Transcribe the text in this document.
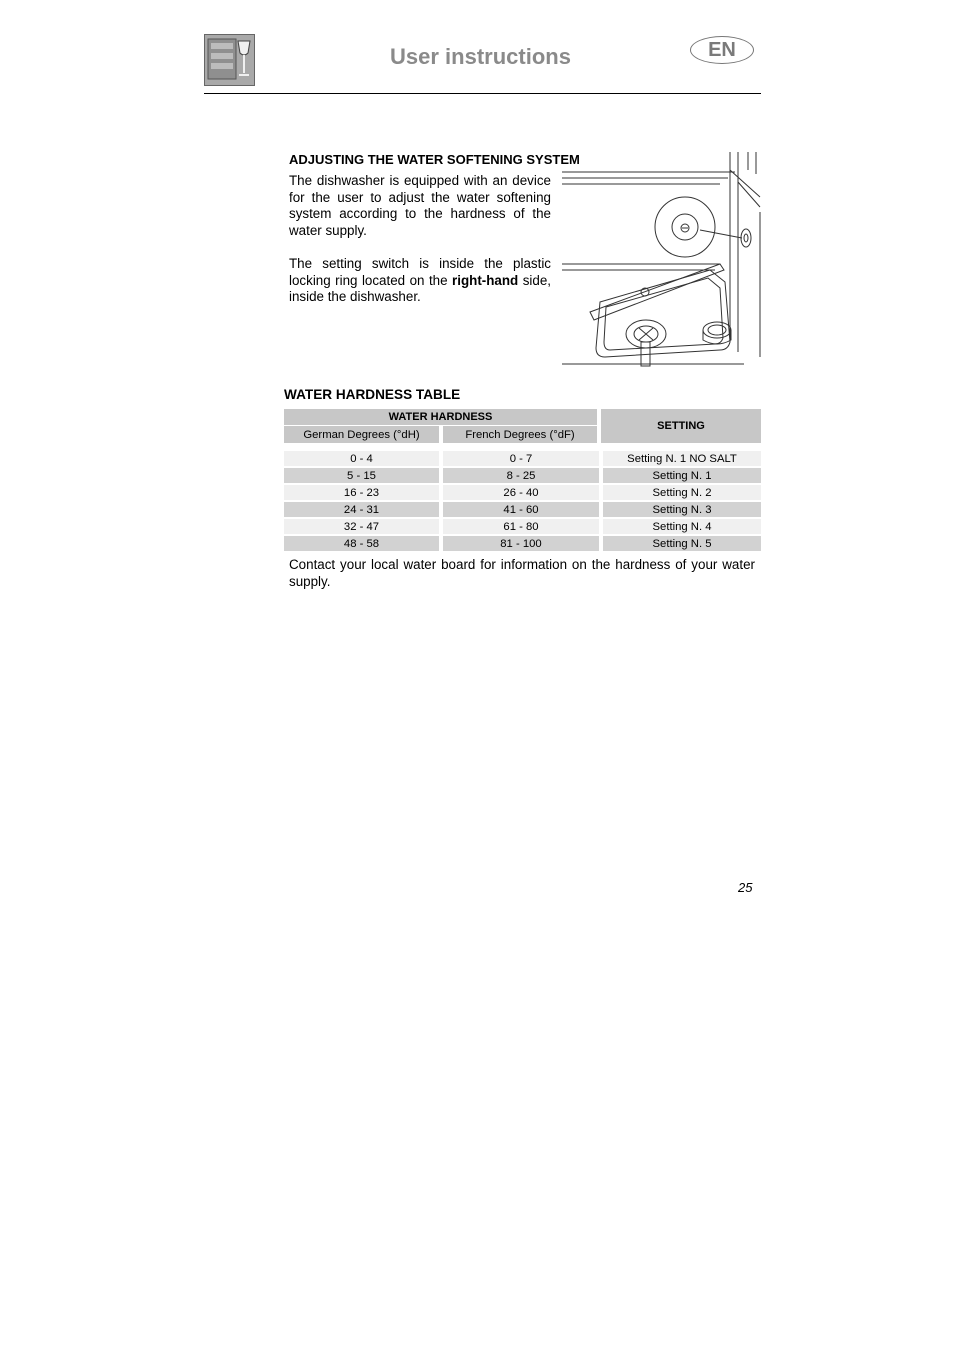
User instructions	EN
ADJUSTING THE WATER SOFTENING SYSTEM
The dishwasher is equipped with an device for the user to adjust the water softening system according to the hardness of the water supply.
The setting switch is inside the plastic locking ring located on the right-hand side, inside the dishwasher.
WATER HARDNESS TABLE
WATER HARDNESS		SETTING
German Degrees (°dH)	French Degrees (°dF)	

0 - 4	0 - 7	Setting N. 1 NO SALT

5 - 15	8 - 25	Setting N. 1

16 - 23	26 - 40	Setting N. 2

24 - 31	41 - 60	Setting N. 3

32 - 47	61 - 80	Setting N. 4

48 - 58	81 - 100	Setting N. 5
Contact your local water board for information on the hardness of your water supply.
25
